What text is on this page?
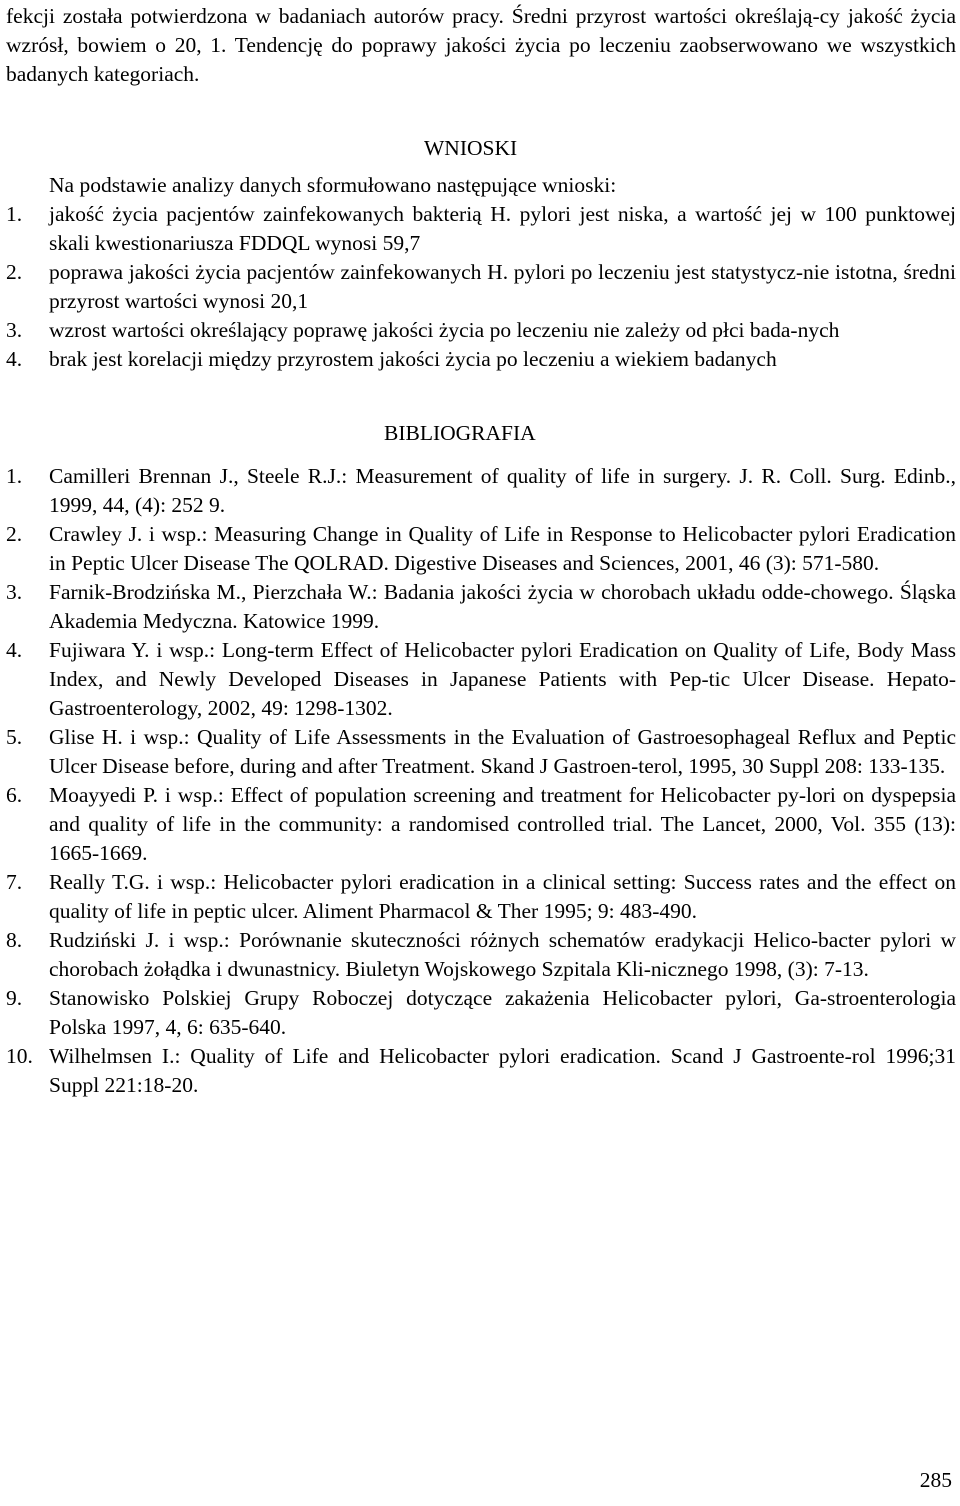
fekcji została potwierdzona w badaniach autorów pracy. Średni przyrost wartości określają-cy jakość życia wzrósł, bowiem o 20, 1. Tendencję do poprawy jakości życia po leczeniu zaobserwowano we wszystkich badanych kategoriach.
WNIOSKI
Na podstawie analizy danych sformułowano następujące wnioski:
1.	jakość życia pacjentów zainfekowanych bakterią H. pylori jest niska, a wartość jej w 100 punktowej skali kwestionariusza FDDQL wynosi 59,7
2.	poprawa jakości życia pacjentów zainfekowanych H. pylori po leczeniu jest statystycz-nie istotna, średni przyrost wartości wynosi 20,1
3.	wzrost wartości określający poprawę jakości życia po leczeniu nie zależy od płci bada-nych
4.	brak jest korelacji między przyrostem jakości życia po leczeniu a wiekiem badanych
BIBLIOGRAFIA
1.	Camilleri Brennan J., Steele R.J.: Measurement of quality of life in surgery. J. R. Coll. Surg. Edinb., 1999, 44, (4): 252 9.
2.	Crawley J. i wsp.: Measuring Change in Quality of Life in Response to Helicobacter pylori Eradication in Peptic Ulcer Disease The QOLRAD. Digestive Diseases and Sciences, 2001, 46 (3): 571-580.
3.	Farnik-Brodzińska M., Pierzchała W.: Badania jakości życia w chorobach układu odde-chowego. Śląska Akademia Medyczna. Katowice 1999.
4.	Fujiwara Y. i wsp.: Long-term Effect of Helicobacter pylori Eradication on Quality of Life, Body Mass Index, and Newly Developed Diseases in Japanese Patients with Pep-tic Ulcer Disease. Hepato-Gastroenterology, 2002, 49: 1298-1302.
5.	Glise H. i wsp.: Quality of Life Assessments in the Evaluation of Gastroesophageal Reflux and Peptic Ulcer Disease before, during and after Treatment. Skand J Gastroen-terol, 1995, 30 Suppl 208: 133-135.
6.	Moayyedi P. i wsp.: Effect of population screening and treatment for Helicobacter py-lori on dyspepsia and quality of life in the community: a randomised controlled trial. The Lancet, 2000, Vol. 355 (13): 1665-1669.
7.	Really T.G. i wsp.: Helicobacter pylori eradication in a clinical setting: Success rates and the effect on quality of life in peptic ulcer. Aliment Pharmacol & Ther 1995; 9: 483-490.
8.	Rudziński J. i wsp.: Porównanie skuteczności różnych schematów eradykacji Helico-bacter pylori w chorobach żołądka i dwunastnicy. Biuletyn Wojskowego Szpitala Kli-nicznego 1998, (3): 7-13.
9.	Stanowisko Polskiej Grupy Roboczej dotyczące zakażenia Helicobacter pylori, Ga-stroenterologia Polska 1997, 4, 6: 635-640.
10. Wilhelmsen I.: Quality of Life and Helicobacter pylori eradication. Scand J Gastroente-rol 1996;31 Suppl 221:18-20.
285
